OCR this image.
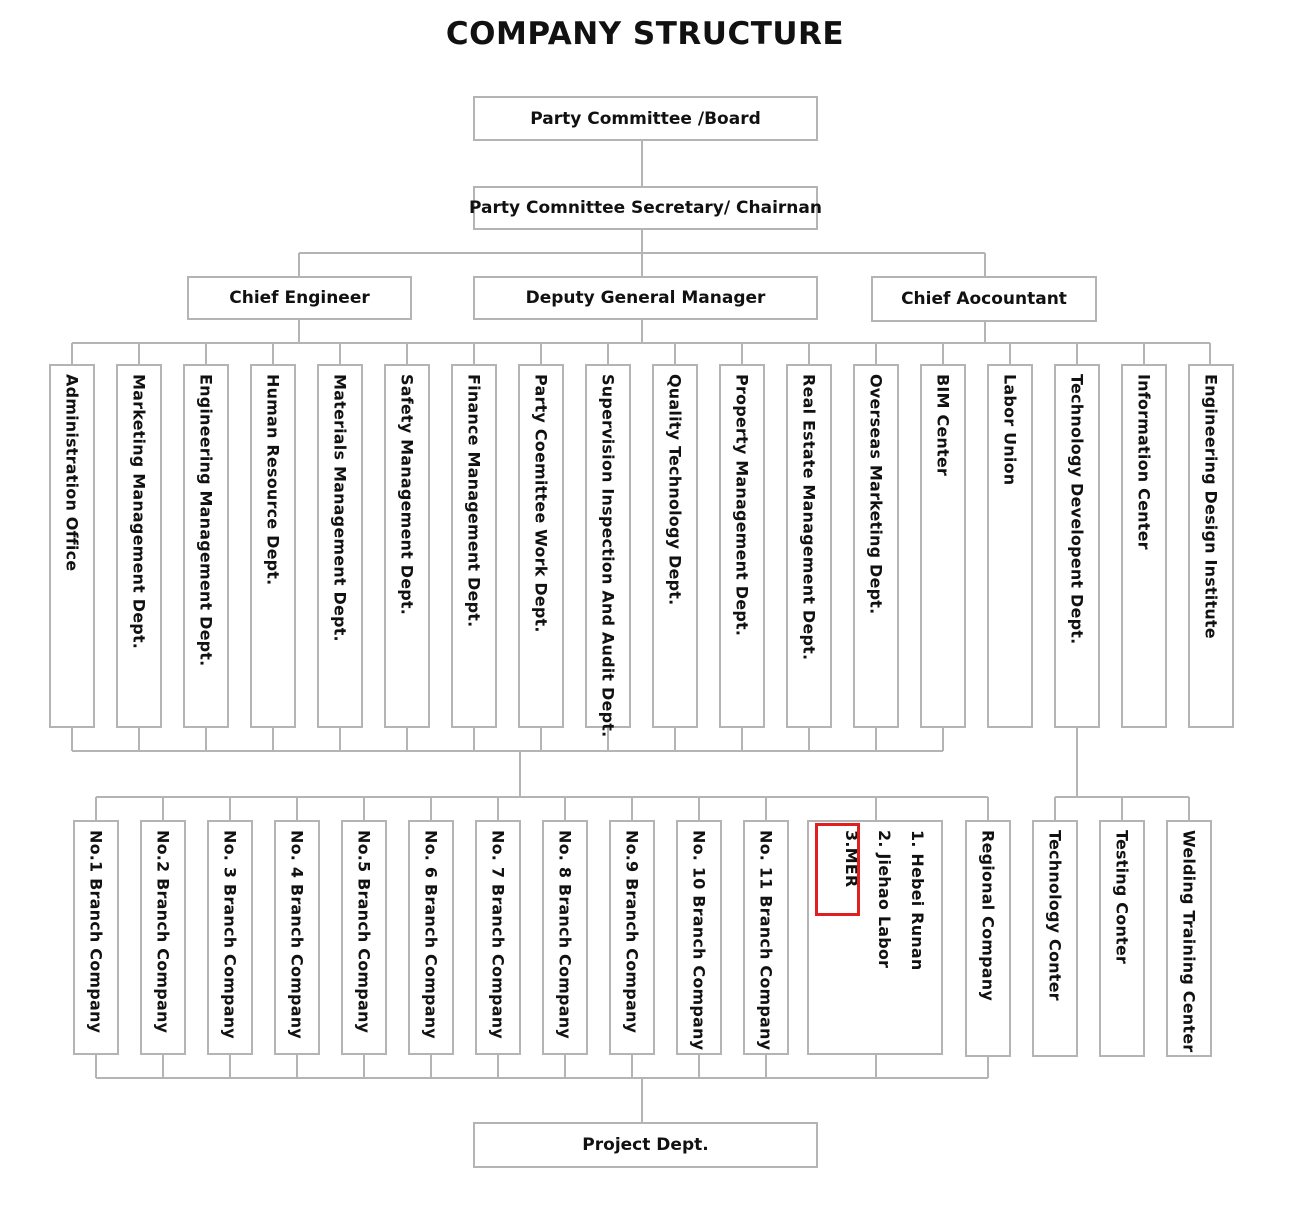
COMPANY STRUCTURE
Party Committee /Board
Party Comnittee Secretary/ Chairnan
Chief Engineer	Deputy General Manager	Chief Aocountant
Administration Office	Marketing Management Dept.	Engineering Management Dept.	Human Resource Dept.	Materials Management Dept.	Safety Management Dept.	Finance Management Dept.	Party Coemittee Work Dept.	Supervision Inspection And Audit Dept.	Quality Technology Dept.	Property Management Dept.	Real Estate Management Dept.	Overseas Marketing Dept.	BIM Center	Labor Union	Technology Developent Dept.	Information Center	Engineering Design Institute
No.1 Branch Company	No.2 Branch Company	No. 3 Branch Company	No. 4 Branch Company	No.5 Branch Company	No. 6 Branch Company	No. 7 Branch Company	No. 8 Branch Company	No.9 Branch Company	No. 10 Branch Company	No. 11 Branch Company	1. Hebei Runan
2. Jiehao Labor
3.MER	Regional Company	Technology Conter	Testing Conter	Welding Training Center
Project Dept.
